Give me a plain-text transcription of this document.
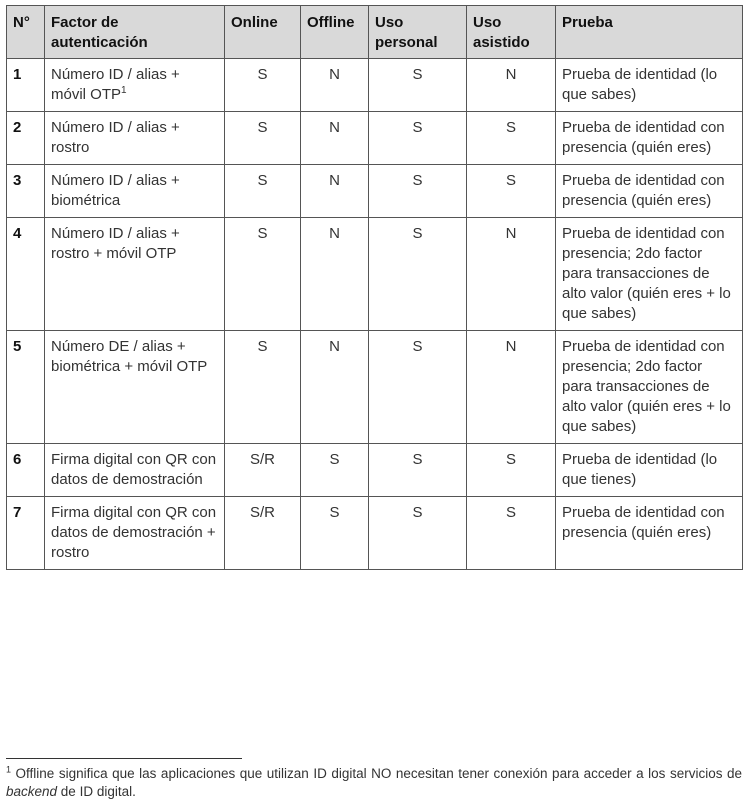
N°	Factor de autenticación	Online	Offline	Uso personal	Uso asistido	Prueba
1	Número ID / alias + móvil OTP$^1$	S	N	S	N	Prueba de identidad (lo que sabes)
2	Número ID / alias + rostro	S	N	S	S	Prueba de identidad con presencia (quién eres)
3	Número ID / alias + biométrica	S	N	S	S	Prueba de identidad con presencia (quién eres)
4	Número ID / alias + rostro + móvil OTP	S	N	S	N	Prueba de identidad con presencia; 2do factor para transacciones de alto valor (quién eres + lo que sabes)
5	Número DE / alias + biométrica + móvil OTP	S	N	S	N	Prueba de identidad con presencia; 2do factor para transacciones de alto valor (quién eres + lo que sabes)
6	Firma digital con QR con datos de demostración	S/R	S	S	S	Prueba de identidad (lo que tienes)
7	Firma digital con QR con datos de demostración + rostro	S/R	S	S	S	Prueba de identidad con presencia (quién eres)
$^1$ Offline significa que las aplicaciones que utilizan ID digital NO necesitan tener conexión para acceder a los servicios de backend de ID digital.
